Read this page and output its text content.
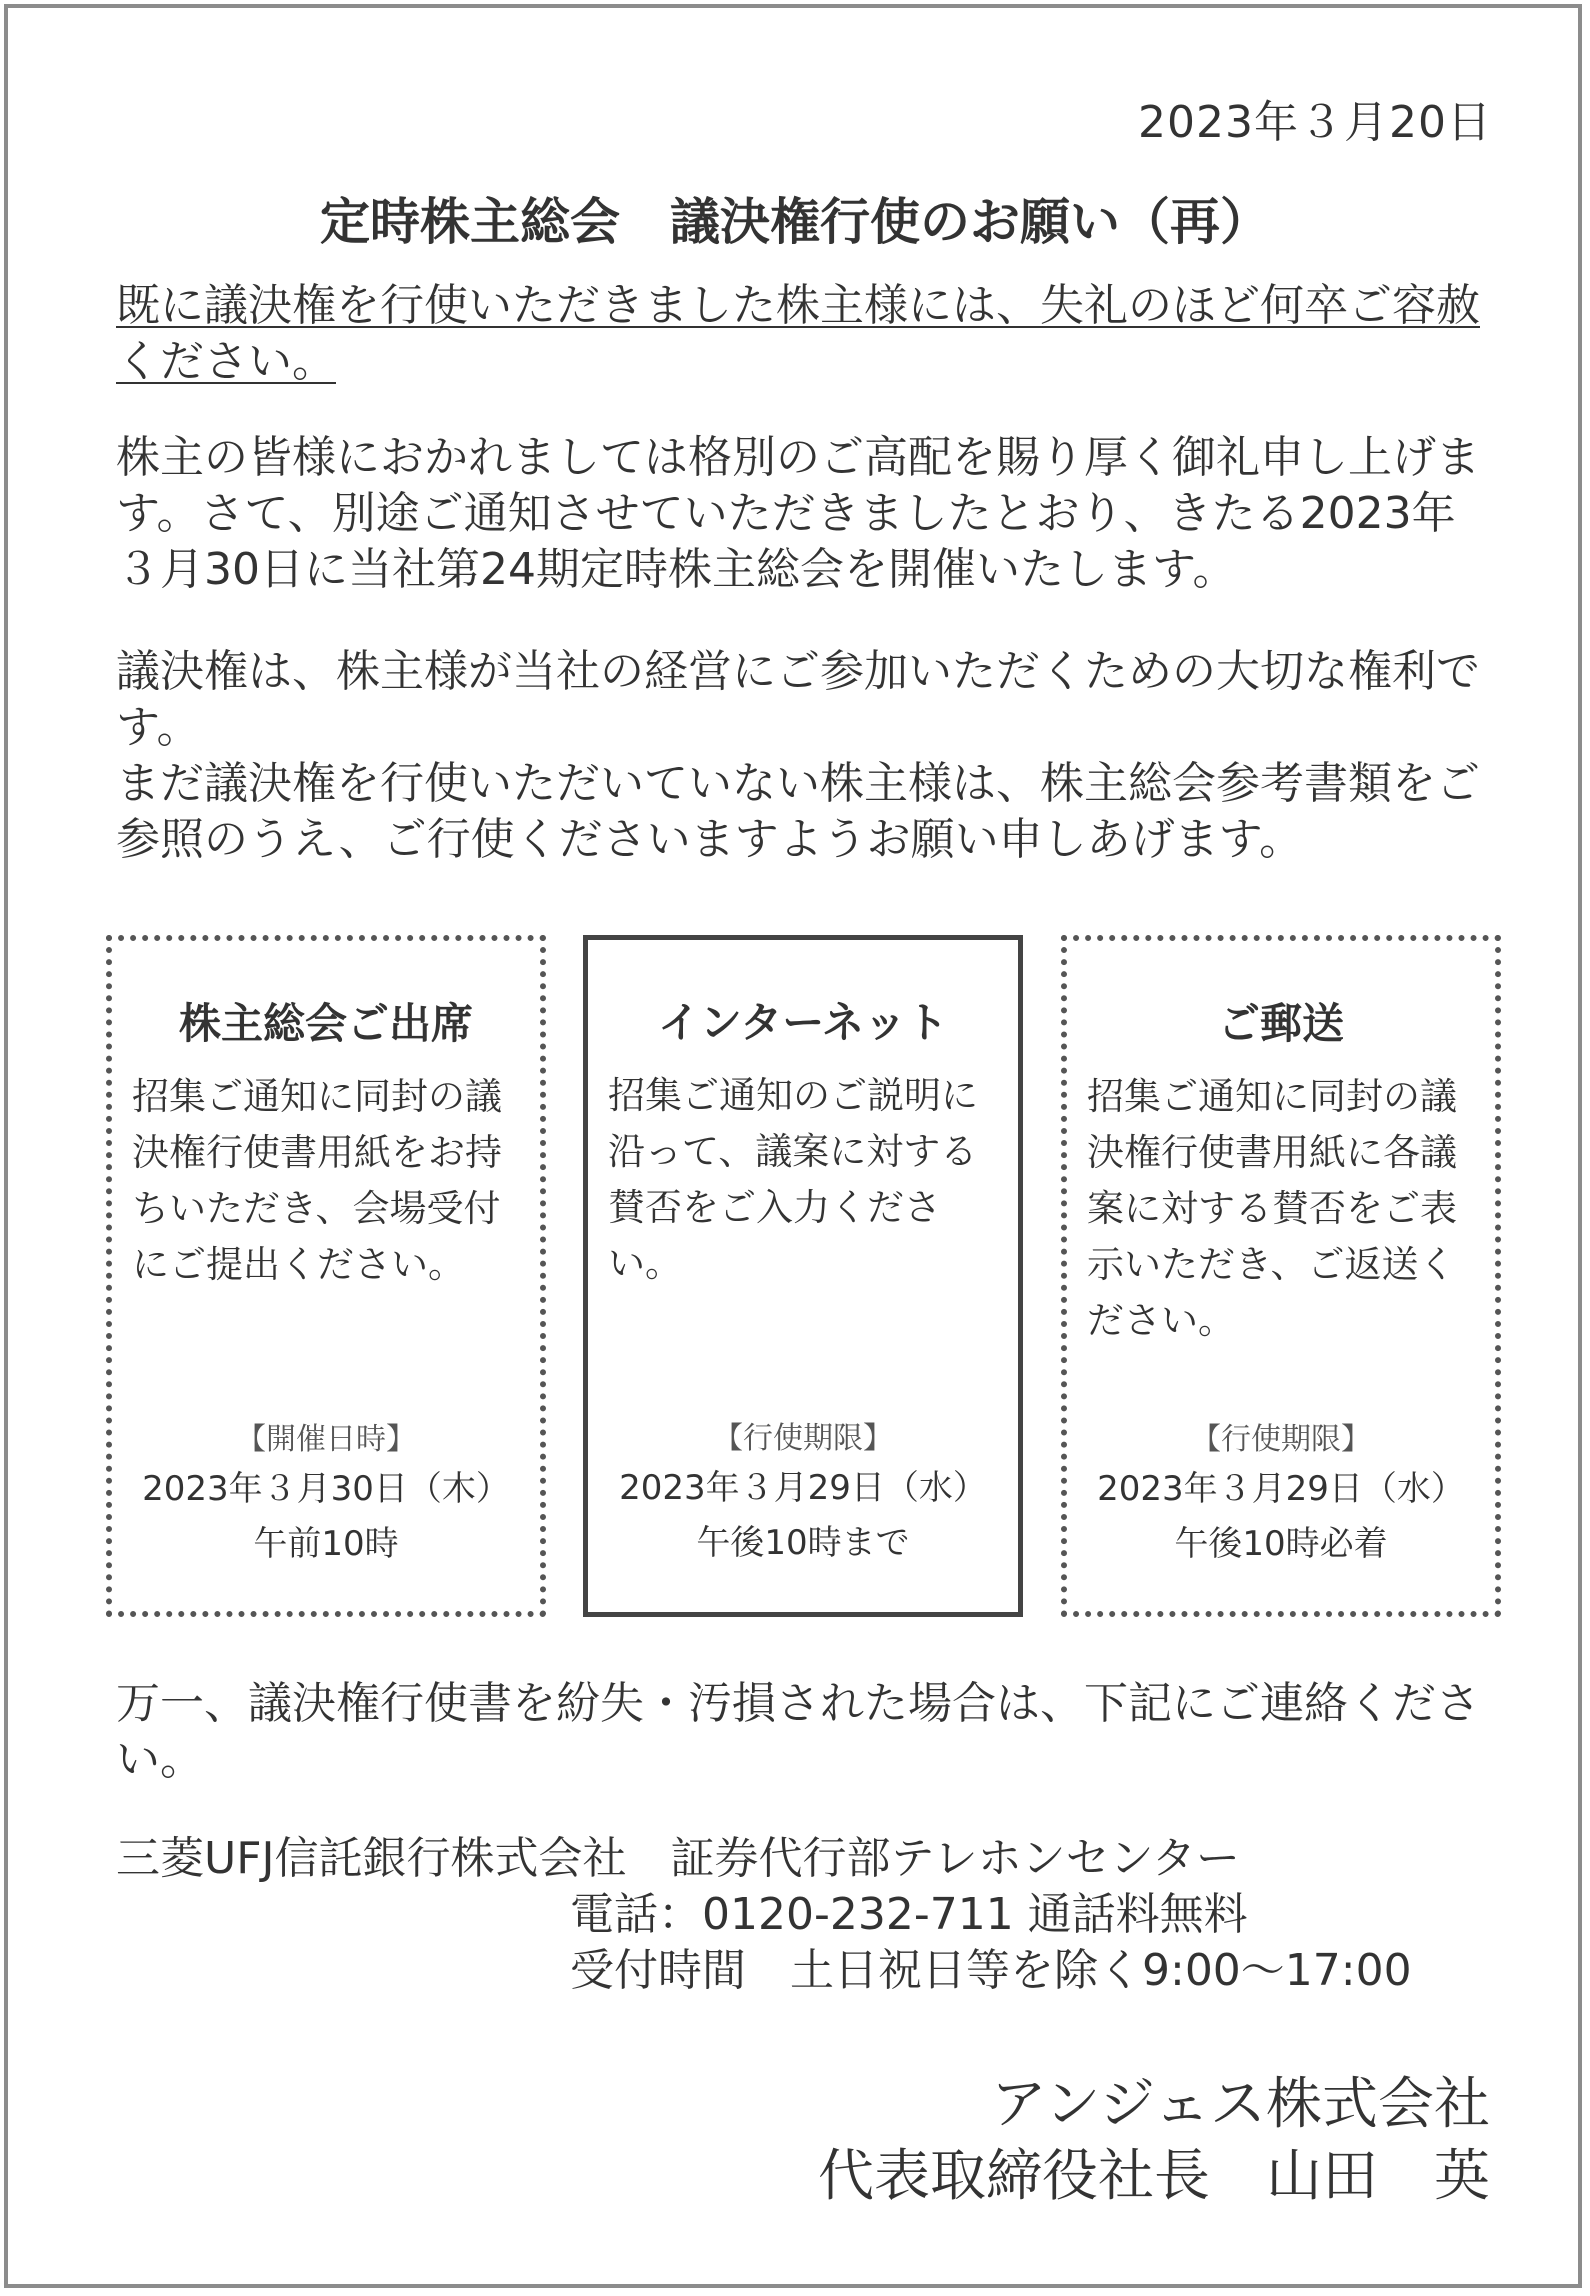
2023年３月20日
定時株主総会　議決権行使のお願い（再）

既に議決権を行使いただきました株主様には、失礼のほど何卒ご容赦ください。

株主の皆様におかれましては格別のご高配を賜り厚く御礼申し上げます。さて、別途ご通知させていただきましたとおり、きたる2023年３月30日に当社第24期定時株主総会を開催いたします。

議決権は、株主様が当社の経営にご参加いただくための大切な権利です。

まだ議決権を行使いただいていない株主様は、株主総会参考書類をご参照のうえ、ご行使くださいますようお願い申しあげます。

株主総会ご出席
招集ご通知に同封の議決権行使書用紙をお持ちいただき、会場受付にご提出ください。
【開催日時】
2023年３月30日（木）
午前10時
インターネット
招集ご通知のご説明に沿って、議案に対する賛否をご入力ください。
【行使期限】
2023年３月29日（水）
午後10時まで
ご郵送
招集ご通知に同封の議決権行使書用紙に各議案に対する賛否をご表示いただき、ご返送ください。
【行使期限】
2023年３月29日（水）
午後10時必着

万一、議決権行使書を紛失・汚損された場合は、下記にご連絡ください。

三菱UFJ信託銀行株式会社　証券代行部テレホンセンター
電話：0120-232-711 通話料無料
受付時間　土日祝日等を除く9:00～17:00
アンジェス株式会社
代表取締役社長　山田　英
